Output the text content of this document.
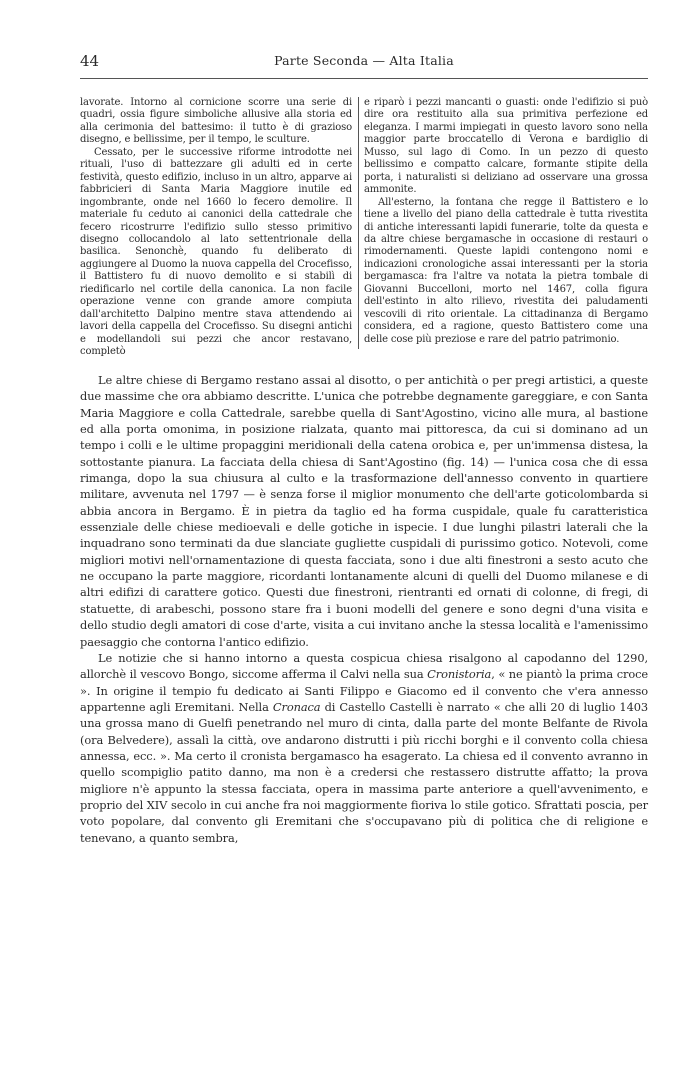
44	Parte Seconda — Alta Italia

lavorate. Intorno al cornicione scorre una serie di quadri, ossia figure simboliche allusive alla storia ed alla cerimonia del battesimo: il tutto è di grazioso disegno, e bellissime, per il tempo, le sculture.

Cessato, per le successive riforme introdotte nei rituali, l'uso di battezzare gli adulti ed in certe festività, questo edifizio, incluso in un altro, apparve ai fabbricieri di Santa Maria Maggiore inutile ed ingombrante, onde nel 1660 lo fecero demolire. Il materiale fu ceduto ai canonici della cattedrale che fecero ricostrurre l'edifizio sullo stesso primitivo disegno collocandolo al lato settentrionale della basilica. Senonchè, quando fu deliberato di aggiungere al Duomo la nuova cappella del Crocefisso, il Battistero fu di nuovo demolito e si stabilì di riedificarlo nel cortile della canonica. La non facile operazione venne con grande amore compiuta dall'architetto Dalpino mentre stava attendendo ai lavori della cappella del Crocefisso. Su disegni antichi e modellandoli sui pezzi che ancor restavano, completò

e riparò i pezzi mancanti o guasti: onde l'edifizio si può dire ora restituito alla sua primitiva perfezione ed eleganza. I marmi impiegati in questo lavoro sono nella maggior parte broccatello di Verona e bardiglio di Musso, sul lago di Como. In un pezzo di questo bellissimo e compatto calcare, formante stipite della porta, i naturalisti si deliziano ad osservare una grossa ammonite.

All'esterno, la fontana che regge il Battistero e lo tiene a livello del piano della cattedrale è tutta rivestita di antiche interessanti lapidi funerarie, tolte da questa e da altre chiese bergamasche in occasione di restauri o rimodernamenti. Queste lapidi contengono nomi e indicazioni cronologiche assai interessanti per la storia bergamasca: fra l'altre va notata la pietra tombale di Giovanni Buccelloni, morto nel 1467, colla figura dell'estinto in alto rilievo, rivestita dei paludamenti vescovili di rito orientale. La cittadinanza di Bergamo considera, ed a ragione, questo Battistero come una delle cose più preziose e rare del patrio patrimonio.

Le altre chiese di Bergamo restano assai al disotto, o per antichità o per pregi artistici, a queste due massime che ora abbiamo descritte. L'unica che potrebbe degnamente gareggiare, e con Santa Maria Maggiore e colla Cattedrale, sarebbe quella di Sant'Agostino, vicino alle mura, al bastione ed alla porta omonima, in posizione rialzata, quanto mai pittoresca, da cui si dominano ad un tempo i colli e le ultime propaggini meridionali della catena orobica e, per un'immensa distesa, la sottostante pianura. La facciata della chiesa di Sant'Agostino (fig. 14) — l'unica cosa che di essa rimanga, dopo la sua chiusura al culto e la trasformazione dell'annesso convento in quartiere militare, avvenuta nel 1797 — è senza forse il miglior monumento che dell'arte goticolombarda si abbia ancora in Bergamo. È in pietra da taglio ed ha forma cuspidale, quale fu caratteristica essenziale delle chiese medioevali e delle gotiche in ispecie. I due lunghi pilastri laterali che la inquadrano sono terminati da due slanciate gugliette cuspidali di purissimo gotico. Notevoli, come migliori motivi nell'ornamentazione di questa facciata, sono i due alti finestroni a sesto acuto che ne occupano la parte maggiore, ricordanti lontanamente alcuni di quelli del Duomo milanese e di altri edifizi di carattere gotico. Questi due finestroni, rientranti ed ornati di colonne, di fregi, di statuette, di arabeschi, possono stare fra i buoni modelli del genere e sono degni d'una visita e dello studio degli amatori di cose d'arte, visita a cui invitano anche la stessa località e l'amenissimo paesaggio che contorna l'antico edifizio.

Le notizie che si hanno intorno a questa cospicua chiesa risalgono al capodanno del 1290, allorchè il vescovo Bongo, siccome afferma il Calvi nella sua Cronistoria, « ne piantò la prima croce ». In origine il tempio fu dedicato ai Santi Filippo e Giacomo ed il convento che v'era annesso appartenne agli Eremitani. Nella Cronaca di Castello Castelli è narrato « che alli 20 di luglio 1403 una grossa mano di Guelfi penetrando nel muro di cinta, dalla parte del monte Belfante de Rivola (ora Belvedere), assalì la città, ove andarono distrutti i più ricchi borghi e il convento colla chiesa annessa, ecc. ». Ma certo il cronista bergamasco ha esagerato. La chiesa ed il convento avranno in quello scompiglio patito danno, ma non è a credersi che restassero distrutte affatto; la prova migliore n'è appunto la stessa facciata, opera in massima parte anteriore a quell'avvenimento, e proprio del XIV secolo in cui anche fra noi maggiormente fioriva lo stile gotico. Sfrattati poscia, per voto popolare, dal convento gli Eremitani che s'occupavano più di politica che di religione e tenevano, a quanto sembra,
